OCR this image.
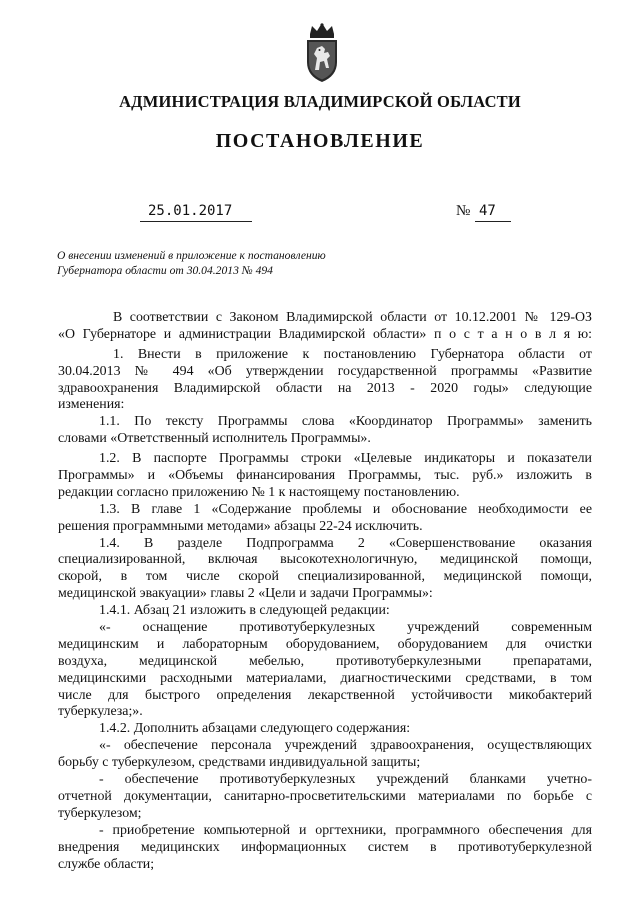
АДМИНИСТРАЦИЯ ВЛАДИМИРСКОЙ ОБЛАСТИ
ПОСТАНОВЛЕНИЕ
25.01.2017	№ 47
О внесении изменений в приложение к постановлению
Губернатора области от 30.04.2013 № 494
В соответствии с Законом Владимирской области от 10.12.2001 № 129-ОЗ
«О Губернаторе и администрации Владимирской области» п о с т а н о в л я ю:
1. Внести в приложение к постановлению Губернатора области от
30.04.2013 № 494 «Об утверждении государственной программы «Развитие
здравоохранения Владимирской области на 2013 - 2020 годы» следующие
изменения:
1.1. По тексту Программы слова «Координатор Программы» заменить
словами «Ответственный исполнитель Программы».
1.2. В паспорте Программы строки «Целевые индикаторы и показатели
Программы» и «Объемы финансирования Программы, тыс. руб.» изложить в
редакции согласно приложению № 1 к настоящему постановлению.
1.3. В главе 1 «Содержание проблемы и обоснование необходимости ее
решения программными методами» абзацы 22-24 исключить.
1.4. В разделе Подпрограмма 2 «Совершенствование оказания
специализированной, включая высокотехнологичную, медицинской помощи,
скорой, в том числе скорой специализированной, медицинской помощи,
медицинской эвакуации» главы 2 «Цели и задачи Программы»:
1.4.1. Абзац 21 изложить в следующей редакции:
«- оснащение противотуберкулезных учреждений современным
медицинским и лабораторным оборудованием, оборудованием для очистки
воздуха, медицинской мебелью, противотуберкулезными препаратами,
медицинскими расходными материалами, диагностическими средствами, в том
числе для быстрого определения лекарственной устойчивости микобактерий
туберкулеза;».
1.4.2. Дополнить абзацами следующего содержания:
«- обеспечение персонала учреждений здравоохранения, осуществляющих
борьбу с туберкулезом, средствами индивидуальной защиты;
- обеспечение противотуберкулезных учреждений бланками учетно-
отчетной документации, санитарно-просветительскими материалами по борьбе с
туберкулезом;
- приобретение компьютерной и оргтехники, программного обеспечения для
внедрения медицинских информационных систем в противотуберкулезной
службе области;
